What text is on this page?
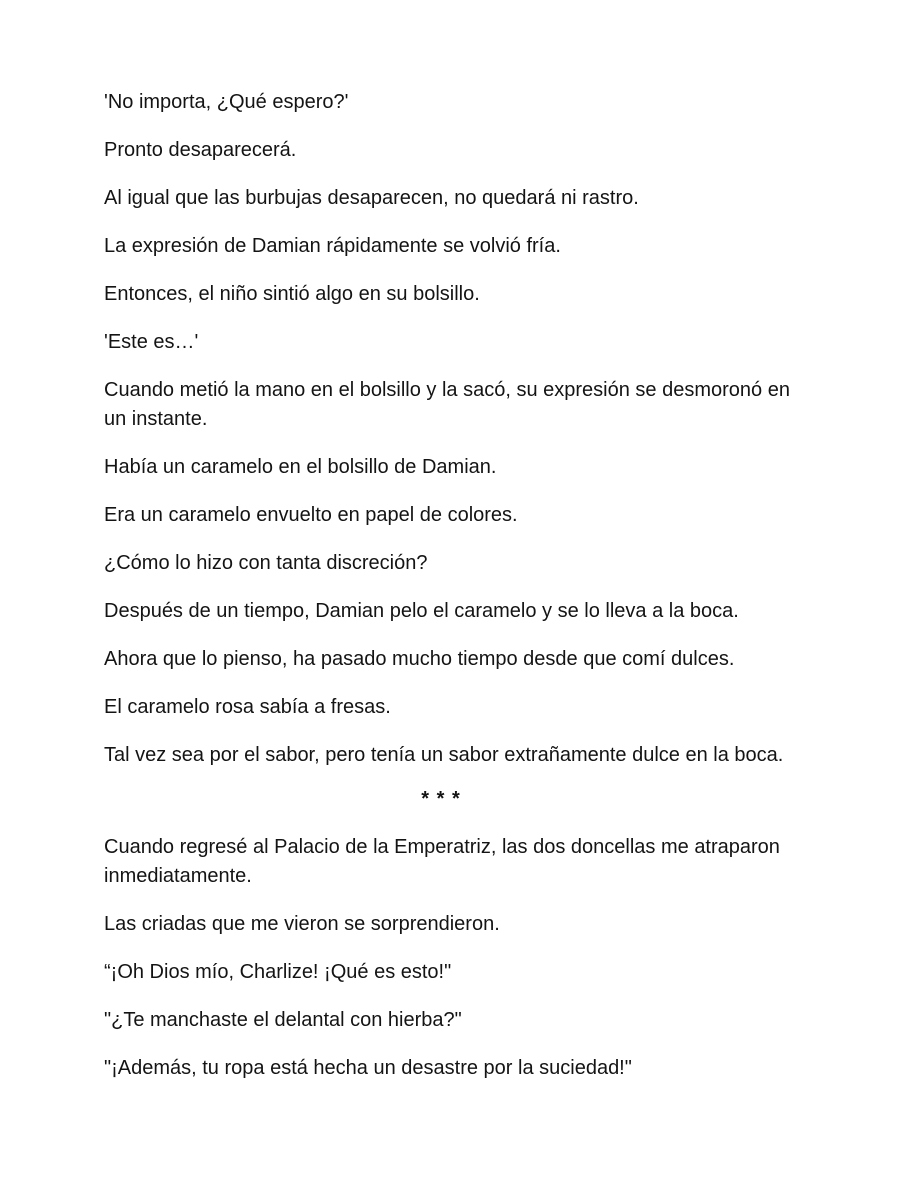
'No importa, ¿Qué espero?'

Pronto desaparecerá.

Al igual que las burbujas desaparecen, no quedará ni rastro.

La expresión de Damian rápidamente se volvió fría.

Entonces, el niño sintió algo en su bolsillo.

'Este es…'

Cuando metió la mano en el bolsillo y la sacó, su expresión se desmoronó en un instante.

Había un caramelo en el bolsillo de Damian.

Era un caramelo envuelto en papel de colores.

¿Cómo lo hizo con tanta discreción?

Después de un tiempo, Damian pelo el caramelo y se lo lleva a la boca.

Ahora que lo pienso, ha pasado mucho tiempo desde que comí dulces.

El caramelo rosa sabía a fresas.

Tal vez sea por el sabor, pero tenía un sabor extrañamente dulce en la boca.

* * *

Cuando regresé al Palacio de la Emperatriz, las dos doncellas me atraparon inmediatamente.

Las criadas que me vieron se sorprendieron.

“¡Oh Dios mío, Charlize! ¡Qué es esto!"

"¿Te manchaste el delantal con hierba?"

"¡Además, tu ropa está hecha un desastre por la suciedad!"
